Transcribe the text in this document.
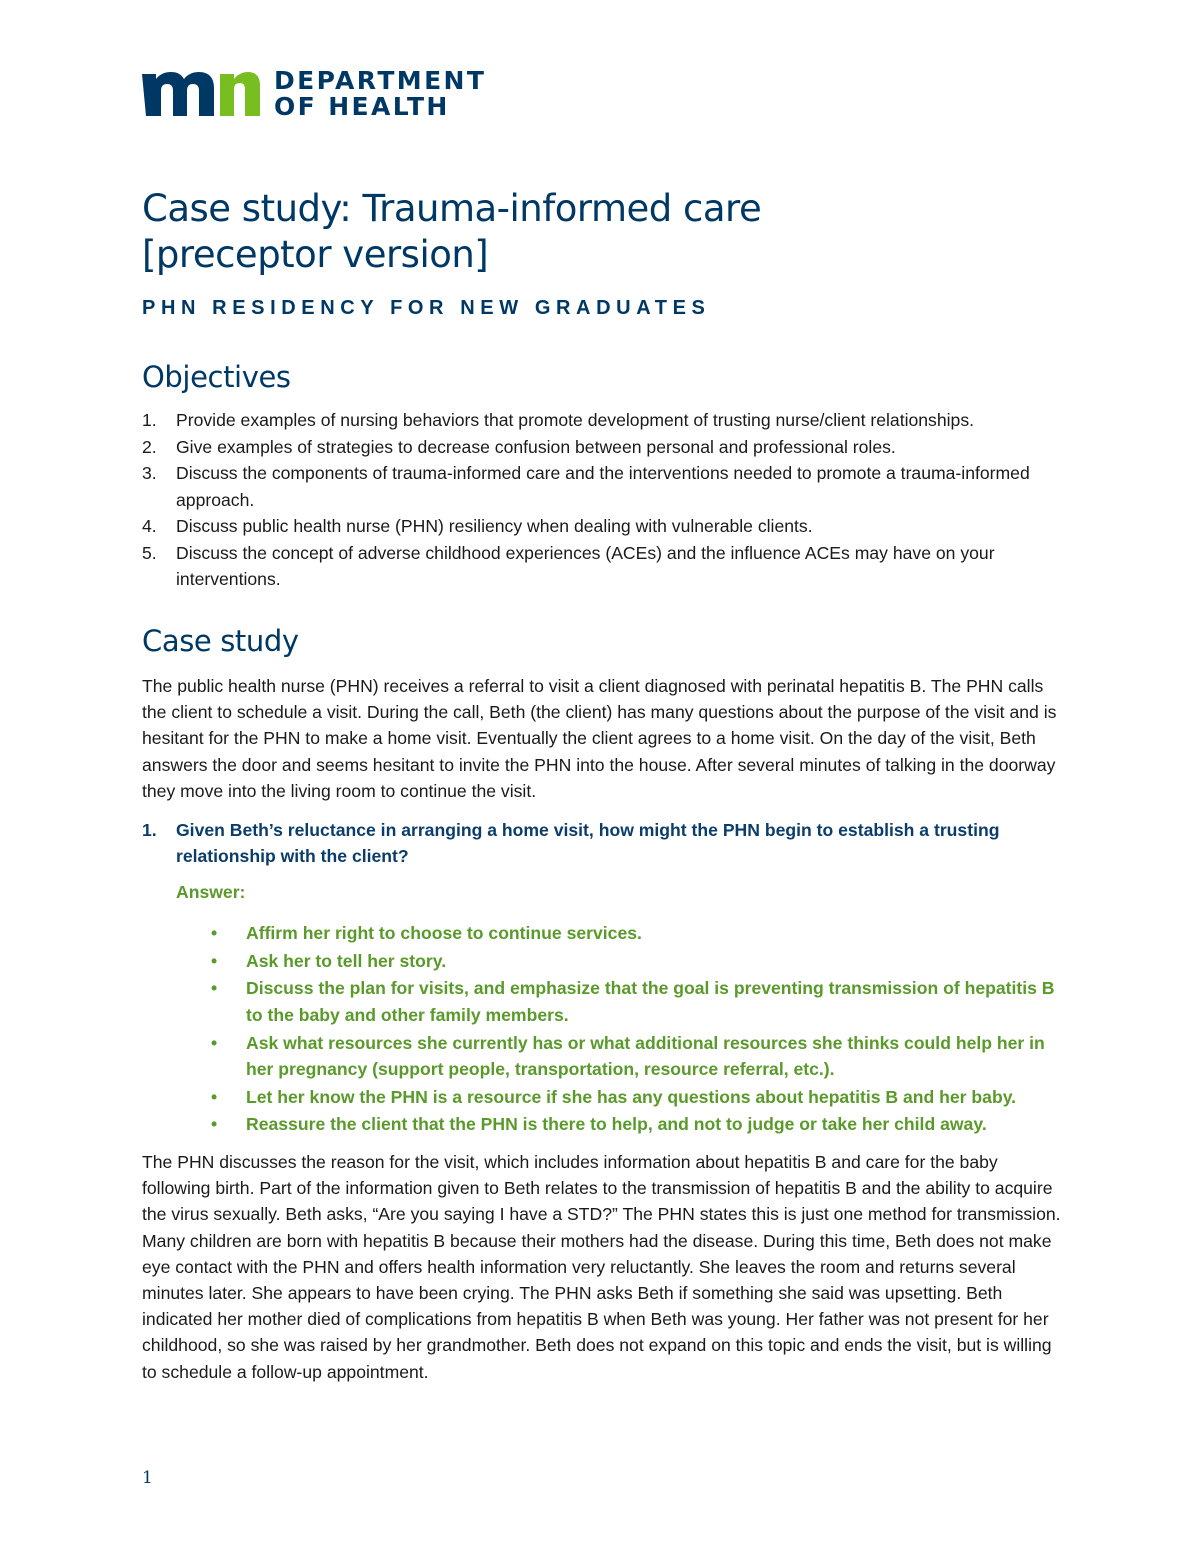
DEPARTMENT
OF HEALTH
Case study: Trauma-informed care
[preceptor version]
PHN RESIDENCY FOR NEW GRADUATES
Objectives
1. Provide examples of nursing behaviors that promote development of trusting nurse/client relationships.
2. Give examples of strategies to decrease confusion between personal and professional roles.
3. Discuss the components of trauma-informed care and the interventions needed to promote a trauma-informed approach.
4. Discuss public health nurse (PHN) resiliency when dealing with vulnerable clients.
5. Discuss the concept of adverse childhood experiences (ACEs) and the influence ACEs may have on your interventions.
Case study

The public health nurse (PHN) receives a referral to visit a client diagnosed with perinatal hepatitis B. The PHN calls the client to schedule a visit. During the call, Beth (the client) has many questions about the purpose of the visit and is hesitant for the PHN to make a home visit. Eventually the client agrees to a home visit. On the day of the visit, Beth answers the door and seems hesitant to invite the PHN into the house. After several minutes of talking in the doorway they move into the living room to continue the visit.

1.	Given Beth’s reluctance in arranging a home visit, how might the PHN begin to establish a trusting relationship with the client?
Answer:
• Affirm her right to choose to continue services.
• Ask her to tell her story.
• Discuss the plan for visits, and emphasize that the goal is preventing transmission of hepatitis B to the baby and other family members.
• Ask what resources she currently has or what additional resources she thinks could help her in her pregnancy (support people, transportation, resource referral, etc.).
• Let her know the PHN is a resource if she has any questions about hepatitis B and her baby.
• Reassure the client that the PHN is there to help, and not to judge or take her child away.

The PHN discusses the reason for the visit, which includes information about hepatitis B and care for the baby following birth. Part of the information given to Beth relates to the transmission of hepatitis B and the ability to acquire the virus sexually. Beth asks, “Are you saying I have a STD?” The PHN states this is just one method for transmission. Many children are born with hepatitis B because their mothers had the disease. During this time, Beth does not make eye contact with the PHN and offers health information very reluctantly. She leaves the room and returns several minutes later. She appears to have been crying. The PHN asks Beth if something she said was upsetting. Beth indicated her mother died of complications from hepatitis B when Beth was young. Her father was not present for her childhood, so she was raised by her grandmother. Beth does not expand on this topic and ends the visit, but is willing to schedule a follow-up appointment.

1
